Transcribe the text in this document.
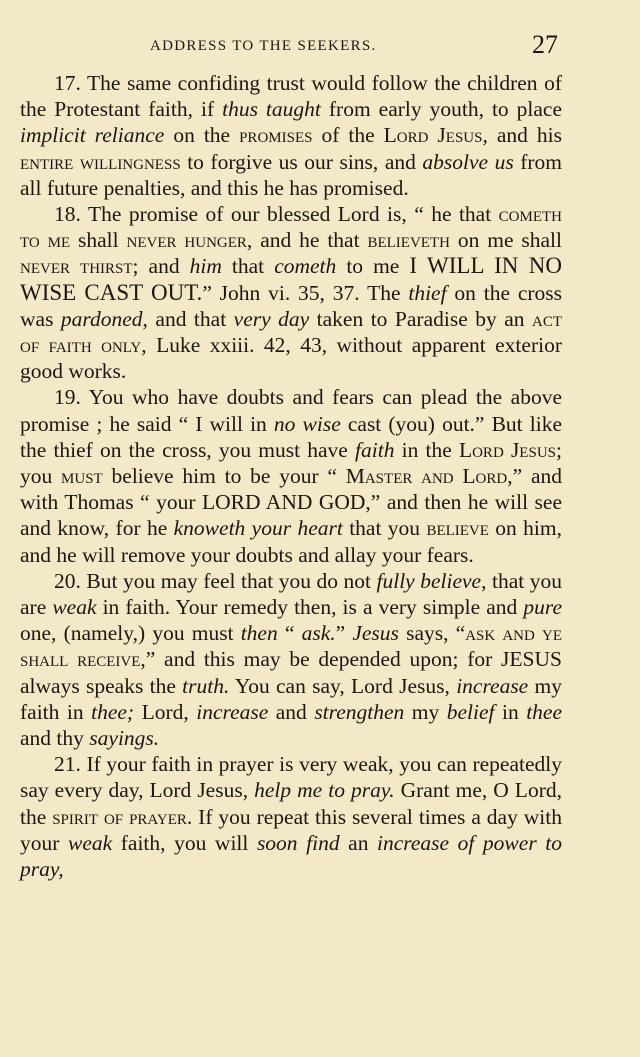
ADDRESS TO THE SEEKERS.	27

17. The same confiding trust would follow the children of the Protestant faith, if thus taught from early youth, to place implicit reliance on the promises of the Lord Jesus, and his entire willingness to forgive us our sins, and absolve us from all future penalties, and this he has promised.

18. The promise of our blessed Lord is, “ he that cometh to me shall never hunger, and he that believeth on me shall never thirst; and him that cometh to me I WILL IN NO WISE CAST OUT.” John vi. 35, 37. The thief on the cross was pardoned, and that very day taken to Paradise by an act of faith only, Luke xxiii. 42, 43, without apparent exterior good works.

19. You who have doubts and fears can plead the above promise ; he said “ I will in no wise cast (you) out.” But like the thief on the cross, you must have faith in the Lord Jesus; you must believe him to be your “ Master and Lord,” and with Thomas “ your LORD AND GOD,” and then he will see and know, for he knoweth your heart that you believe on him, and he will remove your doubts and allay your fears.

20. But you may feel that you do not fully believe, that you are weak in faith. Your remedy then, is a very simple and pure one, (namely,) you must then “ ask.” Jesus says, “ask and ye shall receive,” and this may be depended upon; for JESUS always speaks the truth. You can say, Lord Jesus, increase my faith in thee; Lord, increase and strengthen my belief in thee and thy sayings.

21. If your faith in prayer is very weak, you can repeatedly say every day, Lord Jesus, help me to pray. Grant me, O Lord, the spirit of prayer. If you repeat this several times a day with your weak faith, you will soon find an increase of power to pray,
